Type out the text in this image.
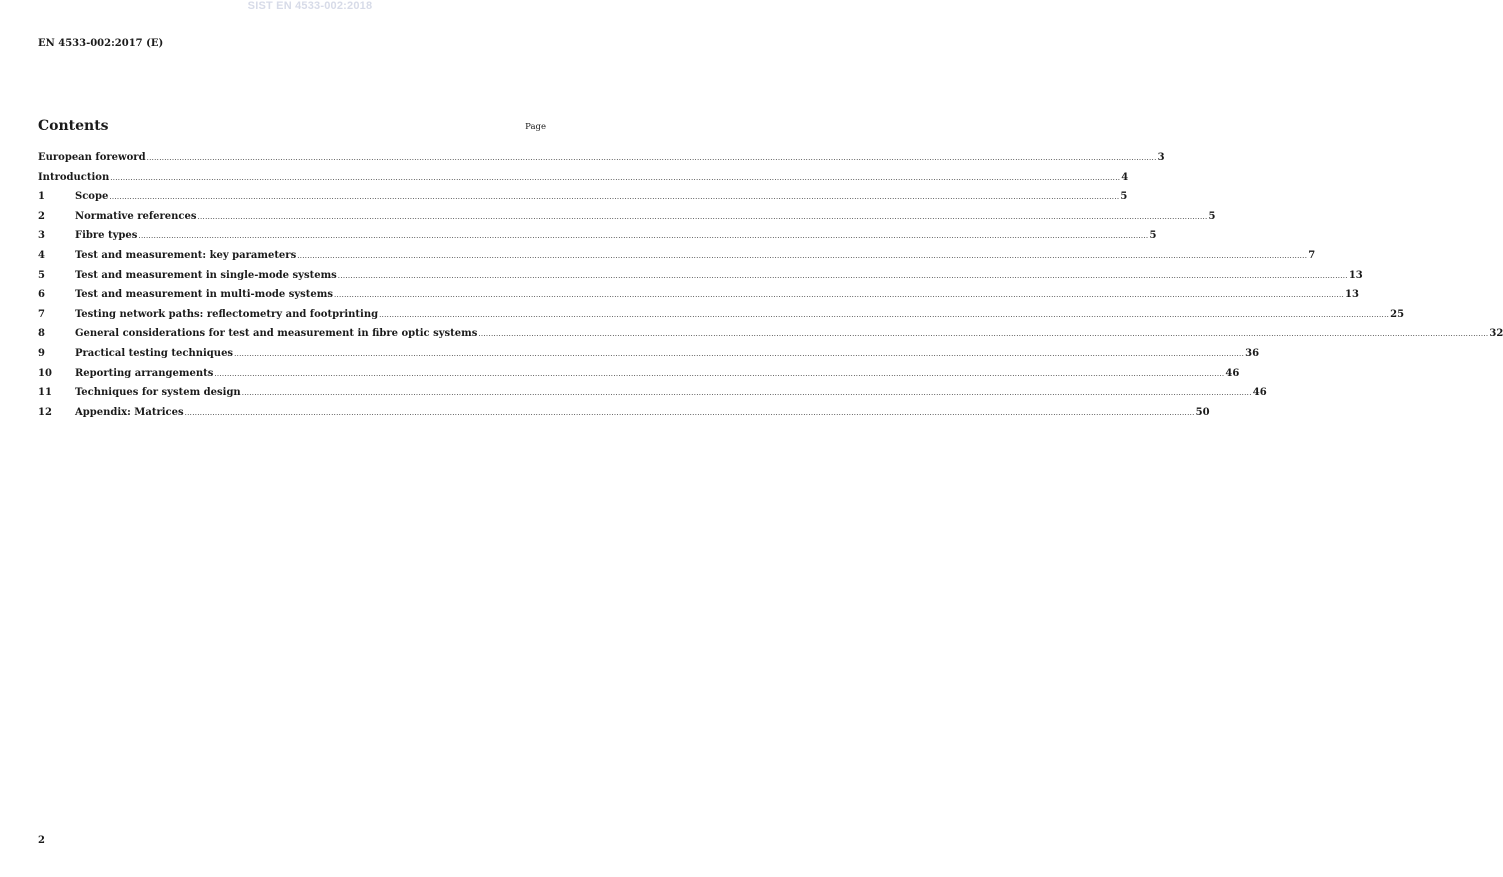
SIST EN 4533-002:2018
EN 4533-002:2017 (E)
Contents	Page
European foreword ................................................................................................................................................................................................................................................................................................................................................................................................................ 3
Introduction ................................................................................................................................................................................................................................................................................................................................................................................................................ 4
1	Scope ................................................................................................................................................................................................................................................................................................................................................................................................................ 5
2	Normative references ................................................................................................................................................................................................................................................................................................................................................................................................................ 5
3	Fibre types ................................................................................................................................................................................................................................................................................................................................................................................................................ 5
4	Test and measurement: key parameters ................................................................................................................................................................................................................................................................................................................................................................................................................ 7
5	Test and measurement in single-mode systems ................................................................................................................................................................................................................................................................................................................................................................................................................ 13
6	Test and measurement in multi-mode systems ................................................................................................................................................................................................................................................................................................................................................................................................................ 13
7	Testing network paths: reflectometry and footprinting ................................................................................................................................................................................................................................................................................................................................................................................................................ 25
8	General considerations for test and measurement in fibre optic systems ................................................................................................................................................................................................................................................................................................................................................................................................................ 32
9	Practical testing techniques ................................................................................................................................................................................................................................................................................................................................................................................................................ 36
10	Reporting arrangements ................................................................................................................................................................................................................................................................................................................................................................................................................ 46
11	Techniques for system design ................................................................................................................................................................................................................................................................................................................................................................................................................ 46
12	Appendix: Matrices ................................................................................................................................................................................................................................................................................................................................................................................................................ 50
2
